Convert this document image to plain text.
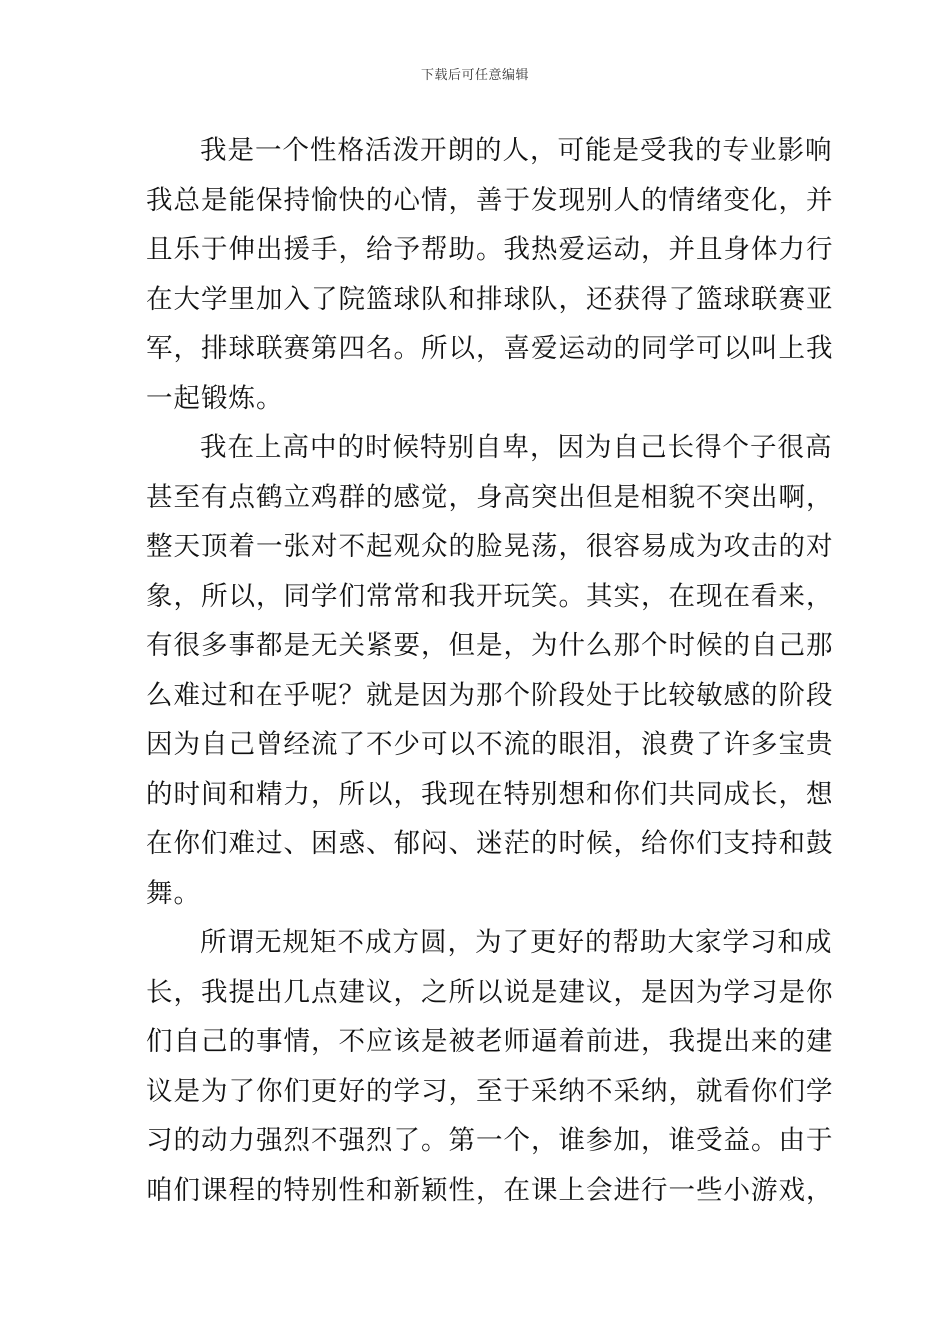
下载后可任意编辑
我是一个性格活泼开朗的人，可能是受我的专业影响
我总是能保持愉快的心情，善于发现别人的情绪变化，并
且乐于伸出援手，给予帮助。我热爱运动，并且身体力行
在大学里加入了院篮球队和排球队，还获得了篮球联赛亚
军，排球联赛第四名。所以，喜爱运动的同学可以叫上我
一起锻炼。
我在上高中的时候特别自卑，因为自己长得个子很高
甚至有点鹤立鸡群的感觉，身高突出但是相貌不突出啊，
整天顶着一张对不起观众的脸晃荡，很容易成为攻击的对
象，所以，同学们常常和我开玩笑。其实，在现在看来，
有很多事都是无关紧要，但是，为什么那个时候的自己那
么难过和在乎呢？就是因为那个阶段处于比较敏感的阶段
因为自己曾经流了不少可以不流的眼泪，浪费了许多宝贵
的时间和精力，所以，我现在特别想和你们共同成长，想
在你们难过、困惑、郁闷、迷茫的时候，给你们支持和鼓
舞。
所谓无规矩不成方圆，为了更好的帮助大家学习和成
长，我提出几点建议，之所以说是建议，是因为学习是你
们自己的事情，不应该是被老师逼着前进，我提出来的建
议是为了你们更好的学习，至于采纳不采纳，就看你们学
习的动力强烈不强烈了。第一个，谁参加，谁受益。由于
咱们课程的特别性和新颖性，在课上会进行一些小游戏，
